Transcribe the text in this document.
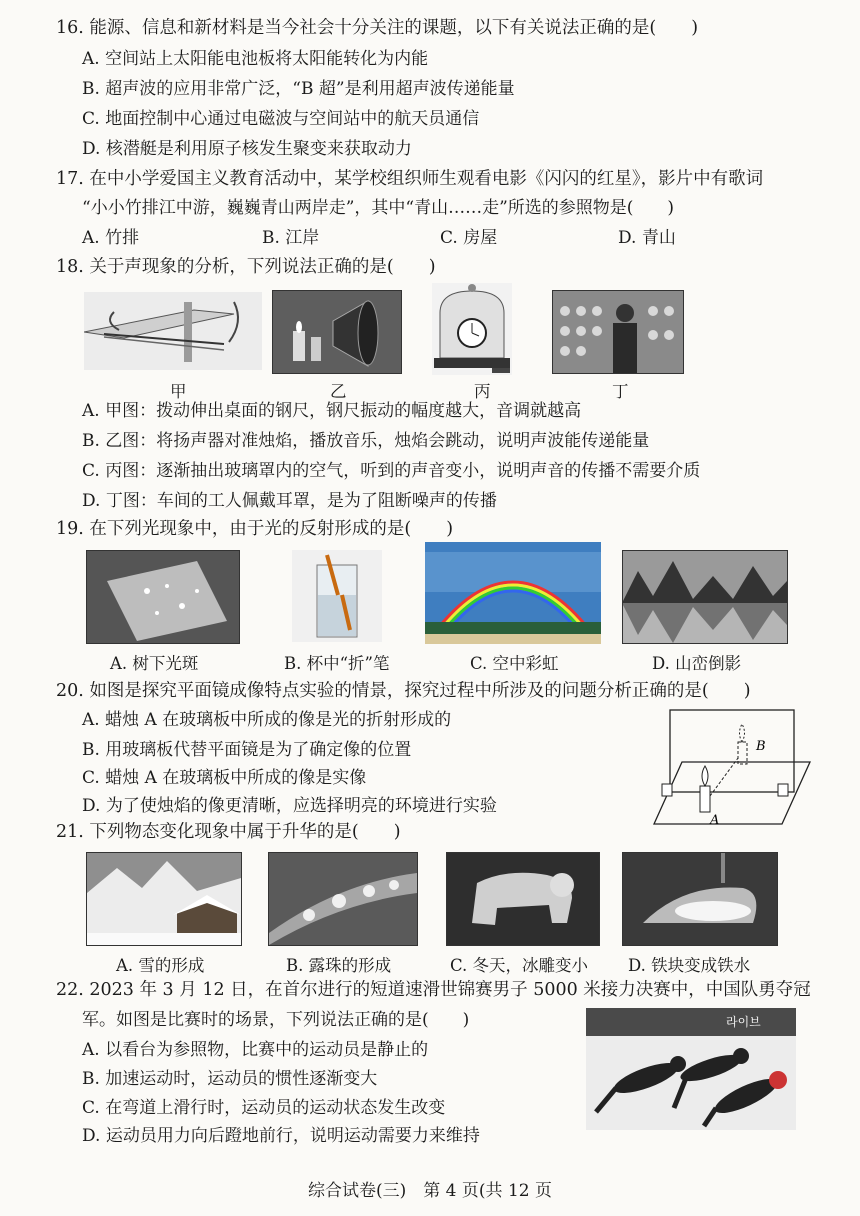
16. 能源、信息和新材料是当今社会十分关注的课题，以下有关说法正确的是(　　)
A. 空间站上太阳能电池板将太阳能转化为内能
B. 超声波的应用非常广泛，“B 超”是利用超声波传递能量
C. 地面控制中心通过电磁波与空间站中的航天员通信
D. 核潜艇是利用原子核发生聚变来获取动力
17. 在中小学爱国主义教育活动中，某学校组织师生观看电影《闪闪的红星》，影片中有歌词
“小小竹排江中游，巍巍青山两岸走”，其中“青山……走”所选的参照物是(　　)
A. 竹排	B. 江岸	C. 房屋	D. 青山
18. 关于声现象的分析，下列说法正确的是(　　)
甲	乙	丙	丁
A. 甲图：拨动伸出桌面的钢尺，钢尺振动的幅度越大，音调就越高
B. 乙图：将扬声器对准烛焰，播放音乐，烛焰会跳动，说明声波能传递能量
C. 丙图：逐渐抽出玻璃罩内的空气，听到的声音变小，说明声音的传播不需要介质
D. 丁图：车间的工人佩戴耳罩，是为了阻断噪声的传播
19. 在下列光现象中，由于光的反射形成的是(　　)
A. 树下光斑	B. 杯中“折”笔	C. 空中彩虹	D. 山峦倒影
20. 如图是探究平面镜成像特点实验的情景，探究过程中所涉及的问题分析正确的是(　　)
A. 蜡烛 A 在玻璃板中所成的像是光的折射形成的
B. 用玻璃板代替平面镜是为了确定像的位置
C. 蜡烛 A 在玻璃板中所成的像是实像
D. 为了使烛焰的像更清晰，应选择明亮的环境进行实验
A
B
21. 下列物态变化现象中属于升华的是(　　)
A. 雪的形成	B. 露珠的形成	C. 冬天，冰雕变小 D. 铁块变成铁水
22. 2023 年 3 月 12 日，在首尔进行的短道速滑世锦赛男子 5000 米接力决赛中，中国队勇夺冠
军。如图是比赛时的场景，下列说法正确的是(　　)
A. 以看台为参照物，比赛中的运动员是静止的
B. 加速运动时，运动员的惯性逐渐变大
C. 在弯道上滑行时，运动员的运动状态发生改变
D. 运动员用力向后蹬地前行，说明运动需要力来维持
라이브
综合试卷(三)　第 4 页(共 12 页
